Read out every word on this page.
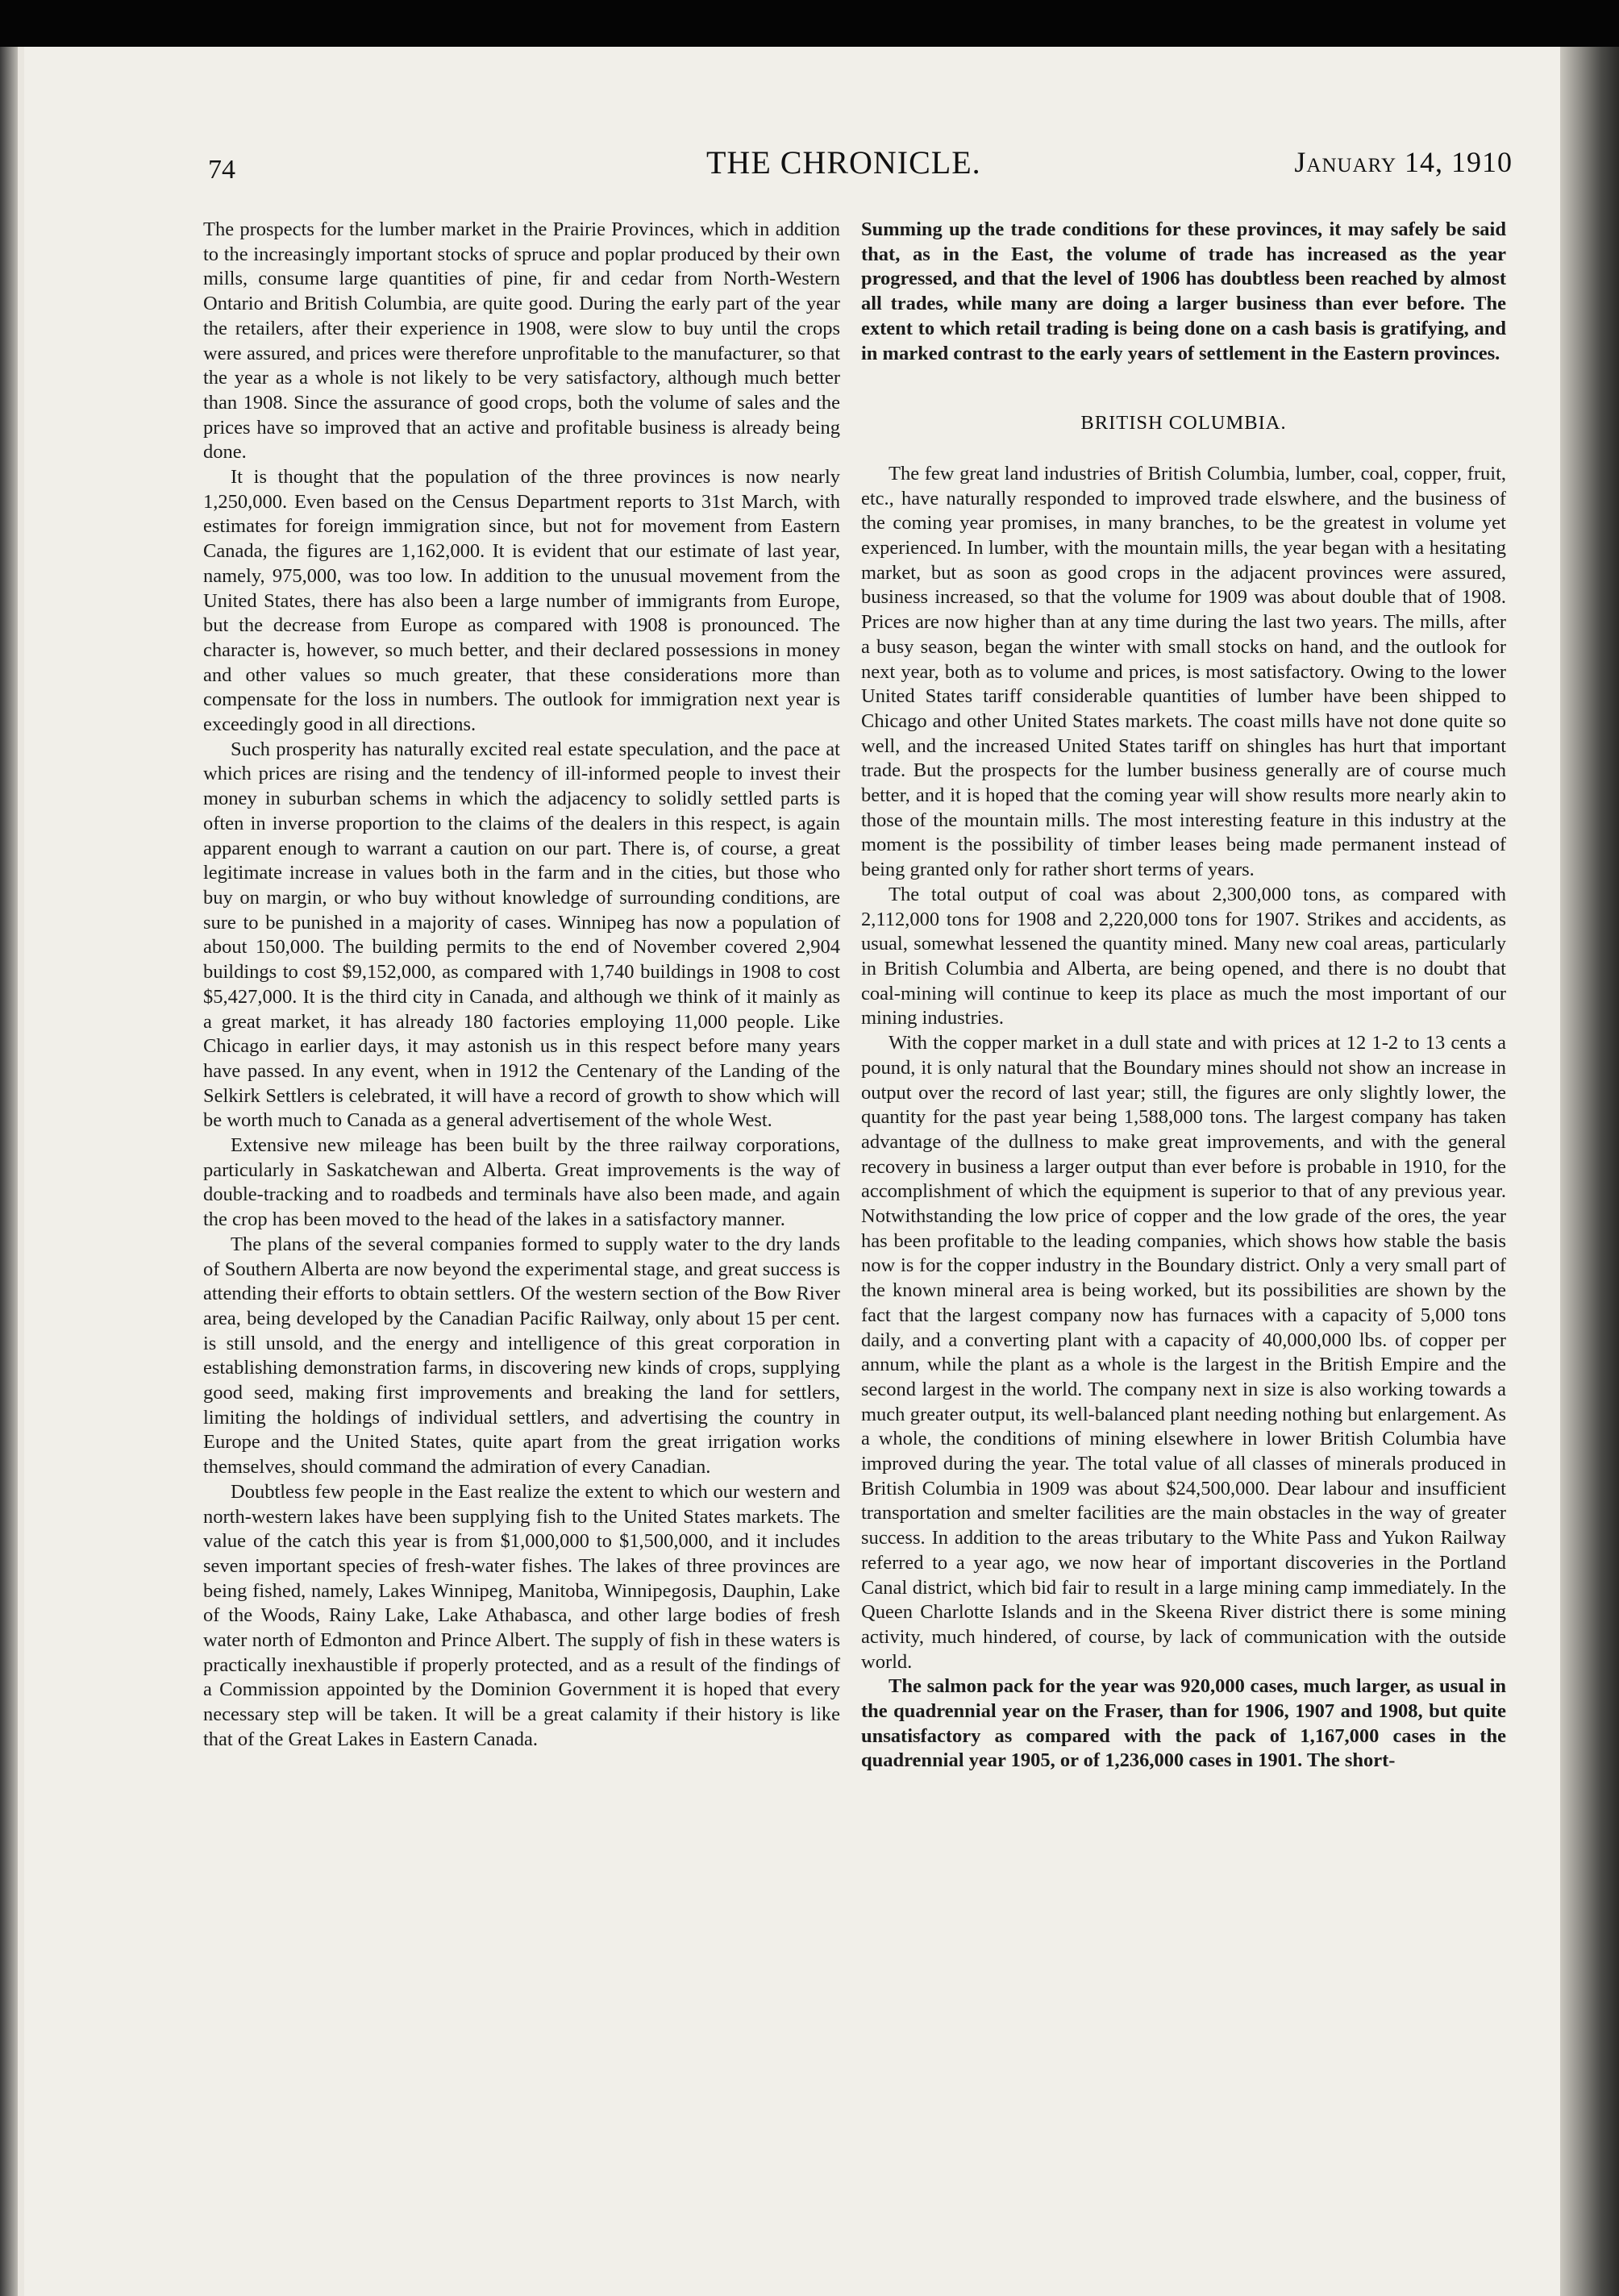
74	THE CHRONICLE.	January 14, 1910

The prospects for the lumber market in the Prairie Provinces, which in addition to the increasingly important stocks of spruce and poplar produced by their own mills, consume large quantities of pine, fir and cedar from North-Western Ontario and British Columbia, are quite good. During the early part of the year the retailers, after their experience in 1908, were slow to buy until the crops were assured, and prices were therefore unprofitable to the manufacturer, so that the year as a whole is not likely to be very satisfactory, although much better than 1908. Since the assurance of good crops, both the volume of sales and the prices have so improved that an active and profitable business is already being done.

It is thought that the population of the three provinces is now nearly 1,250,000. Even based on the Census Department reports to 31st March, with estimates for foreign immigration since, but not for movement from Eastern Canada, the figures are 1,162,000. It is evident that our estimate of last year, namely, 975,000, was too low. In addition to the unusual movement from the United States, there has also been a large number of immigrants from Europe, but the decrease from Europe as compared with 1908 is pronounced. The character is, however, so much better, and their declared possessions in money and other values so much greater, that these considerations more than compensate for the loss in numbers. The outlook for immigration next year is exceedingly good in all directions.

Such prosperity has naturally excited real estate speculation, and the pace at which prices are rising and the tendency of ill-informed people to invest their money in suburban schems in which the adjacency to solidly settled parts is often in inverse proportion to the claims of the dealers in this respect, is again apparent enough to warrant a caution on our part. There is, of course, a great legitimate increase in values both in the farm and in the cities, but those who buy on margin, or who buy without knowledge of surrounding conditions, are sure to be punished in a majority of cases. Winnipeg has now a population of about 150,000. The building permits to the end of November covered 2,904 buildings to cost $9,152,000, as compared with 1,740 buildings in 1908 to cost $5,427,000. It is the third city in Canada, and although we think of it mainly as a great market, it has already 180 factories employing 11,000 people. Like Chicago in earlier days, it may astonish us in this respect before many years have passed. In any event, when in 1912 the Centenary of the Landing of the Selkirk Settlers is celebrated, it will have a record of growth to show which will be worth much to Canada as a general advertisement of the whole West.

Extensive new mileage has been built by the three railway corporations, particularly in Saskatchewan and Alberta. Great improvements is the way of double-tracking and to roadbeds and terminals have also been made, and again the crop has been moved to the head of the lakes in a satisfactory manner.

The plans of the several companies formed to supply water to the dry lands of Southern Alberta are now beyond the experimental stage, and great success is attending their efforts to obtain settlers. Of the western section of the Bow River area, being developed by the Canadian Pacific Railway, only about 15 per cent. is still unsold, and the energy and intelligence of this great corporation in establishing demonstration farms, in discovering new kinds of crops, supplying good seed, making first improvements and breaking the land for settlers, limiting the holdings of individual settlers, and advertising the country in Europe and the United States, quite apart from the great irrigation works themselves, should command the admiration of every Canadian.

Doubtless few people in the East realize the extent to which our western and north-western lakes have been supplying fish to the United States markets. The value of the catch this year is from $1,000,000 to $1,500,000, and it includes seven important species of fresh-water fishes. The lakes of three provinces are being fished, namely, Lakes Winnipeg, Manitoba, Winnipegosis, Dauphin, Lake of the Woods, Rainy Lake, Lake Athabasca, and other large bodies of fresh water north of Edmonton and Prince Albert. The supply of fish in these waters is practically inexhaustible if properly protected, and as a result of the findings of a Commission appointed by the Dominion Government it is hoped that every necessary step will be taken. It will be a great calamity if their history is like that of the Great Lakes in Eastern Canada.

Summing up the trade conditions for these provinces, it may safely be said that, as in the East, the volume of trade has increased as the year progressed, and that the level of 1906 has doubtless been reached by almost all trades, while many are doing a larger business than ever before. The extent to which retail trading is being done on a cash basis is gratifying, and in marked contrast to the early years of settlement in the Eastern provinces.

BRITISH COLUMBIA.

The few great land industries of British Columbia, lumber, coal, copper, fruit, etc., have naturally responded to improved trade elswhere, and the business of the coming year promises, in many branches, to be the greatest in volume yet experienced. In lumber, with the mountain mills, the year began with a hesitating market, but as soon as good crops in the adjacent provinces were assured, business increased, so that the volume for 1909 was about double that of 1908. Prices are now higher than at any time during the last two years. The mills, after a busy season, began the winter with small stocks on hand, and the outlook for next year, both as to volume and prices, is most satisfactory. Owing to the lower United States tariff considerable quantities of lumber have been shipped to Chicago and other United States markets. The coast mills have not done quite so well, and the increased United States tariff on shingles has hurt that important trade. But the prospects for the lumber business generally are of course much better, and it is hoped that the coming year will show results more nearly akin to those of the mountain mills. The most interesting feature in this industry at the moment is the possibility of timber leases being made permanent instead of being granted only for rather short terms of years.

The total output of coal was about 2,300,000 tons, as compared with 2,112,000 tons for 1908 and 2,220,000 tons for 1907. Strikes and accidents, as usual, somewhat lessened the quantity mined. Many new coal areas, particularly in British Columbia and Alberta, are being opened, and there is no doubt that coal-mining will continue to keep its place as much the most important of our mining industries.

With the copper market in a dull state and with prices at 12 1-2 to 13 cents a pound, it is only natural that the Boundary mines should not show an increase in output over the record of last year; still, the figures are only slightly lower, the quantity for the past year being 1,588,000 tons. The largest company has taken advantage of the dullness to make great improvements, and with the general recovery in business a larger output than ever before is probable in 1910, for the accomplishment of which the equipment is superior to that of any previous year. Notwithstanding the low price of copper and the low grade of the ores, the year has been profitable to the leading companies, which shows how stable the basis now is for the copper industry in the Boundary district. Only a very small part of the known mineral area is being worked, but its possibilities are shown by the fact that the largest company now has furnaces with a capacity of 5,000 tons daily, and a converting plant with a capacity of 40,000,000 lbs. of copper per annum, while the plant as a whole is the largest in the British Empire and the second largest in the world. The company next in size is also working towards a much greater output, its well-balanced plant needing nothing but enlargement. As a whole, the conditions of mining elsewhere in lower British Columbia have improved during the year. The total value of all classes of minerals produced in British Columbia in 1909 was about $24,500,000. Dear labour and insufficient transportation and smelter facilities are the main obstacles in the way of greater success. In addition to the areas tributary to the White Pass and Yukon Railway referred to a year ago, we now hear of important discoveries in the Portland Canal district, which bid fair to result in a large mining camp immediately. In the Queen Charlotte Islands and in the Skeena River district there is some mining activity, much hindered, of course, by lack of communication with the outside world.

The salmon pack for the year was 920,000 cases, much larger, as usual in the quadrennial year on the Fraser, than for 1906, 1907 and 1908, but quite unsatisfactory as compared with the pack of 1,167,000 cases in the quadrennial year 1905, or of 1,236,000 cases in 1901. The short-
